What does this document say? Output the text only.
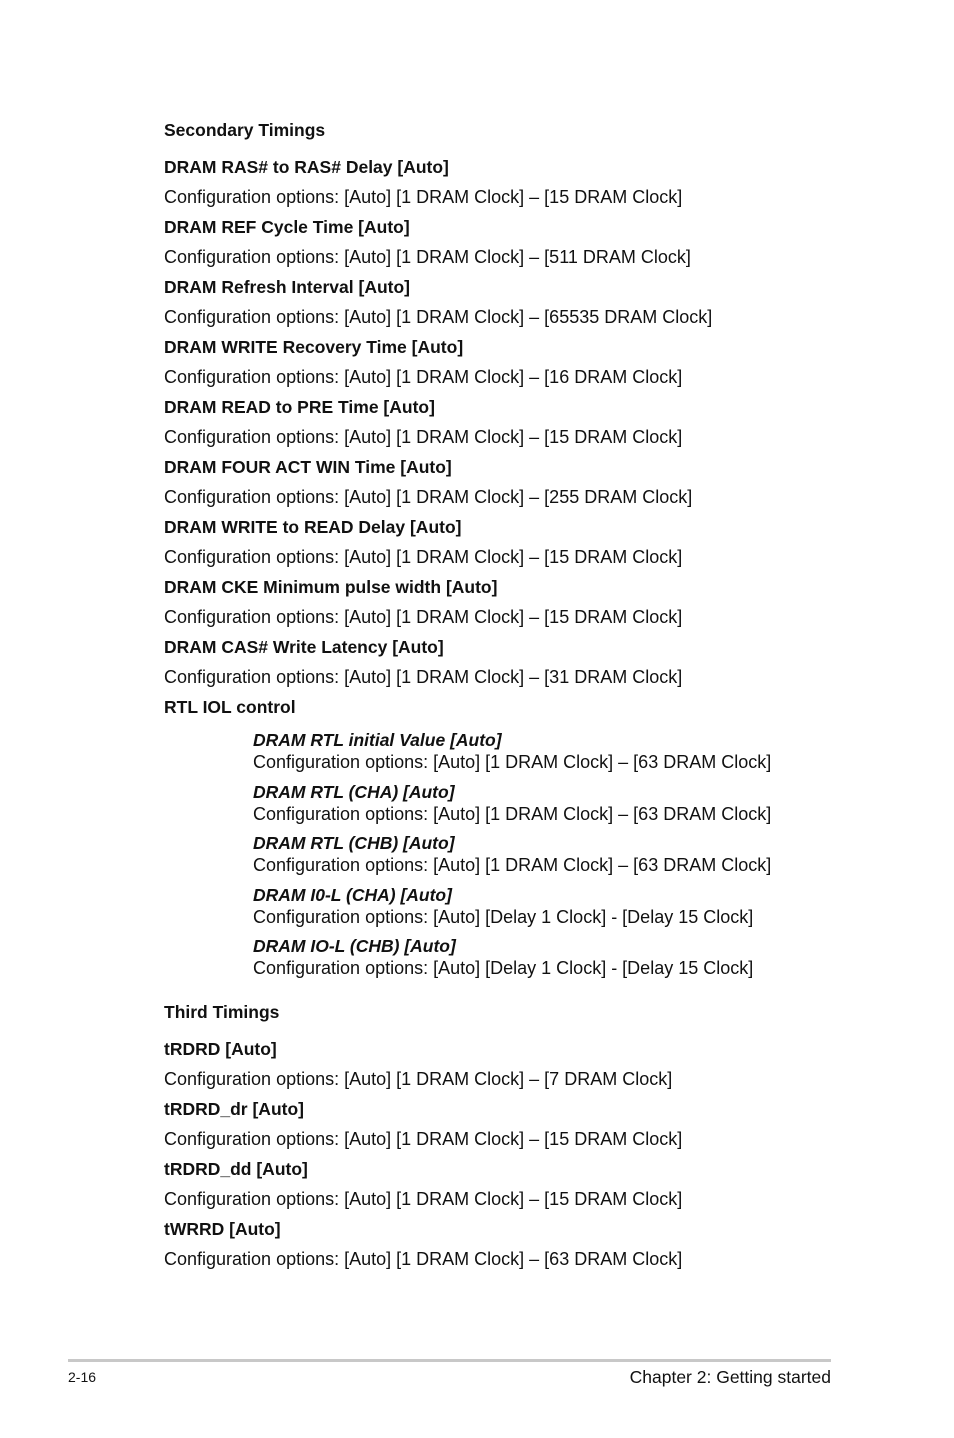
Secondary Timings
DRAM RAS# to RAS# Delay [Auto]
Configuration options: [Auto] [1 DRAM Clock] – [15 DRAM Clock]
DRAM REF Cycle Time [Auto]
Configuration options: [Auto] [1 DRAM Clock] – [511 DRAM Clock]
DRAM Refresh Interval [Auto]
Configuration options: [Auto] [1 DRAM Clock] – [65535 DRAM Clock]
DRAM WRITE Recovery Time [Auto]
Configuration options: [Auto] [1 DRAM Clock] – [16 DRAM Clock]
DRAM READ to PRE Time [Auto]
Configuration options: [Auto] [1 DRAM Clock] – [15 DRAM Clock]
DRAM FOUR ACT WIN Time [Auto]
Configuration options: [Auto] [1 DRAM Clock] – [255 DRAM Clock]
DRAM WRITE to READ Delay [Auto]
Configuration options: [Auto] [1 DRAM Clock] – [15 DRAM Clock]
DRAM CKE Minimum pulse width [Auto]
Configuration options: [Auto] [1 DRAM Clock] – [15 DRAM Clock]
DRAM CAS# Write Latency [Auto]
Configuration options: [Auto] [1 DRAM Clock] – [31 DRAM Clock]
RTL IOL control
DRAM RTL initial Value [Auto]
Configuration options: [Auto] [1 DRAM Clock] – [63 DRAM Clock]
DRAM RTL (CHA) [Auto]
Configuration options: [Auto] [1 DRAM Clock] – [63 DRAM Clock]
DRAM RTL (CHB) [Auto]
Configuration options: [Auto] [1 DRAM Clock] – [63 DRAM Clock]
DRAM I0-L (CHA) [Auto]
Configuration options: [Auto] [Delay 1 Clock] - [Delay 15 Clock]
DRAM IO-L (CHB) [Auto]
Configuration options: [Auto] [Delay 1 Clock] - [Delay 15 Clock]
Third Timings
tRDRD [Auto]
Configuration options: [Auto] [1 DRAM Clock] – [7 DRAM Clock]
tRDRD_dr [Auto]
Configuration options: [Auto] [1 DRAM Clock] – [15 DRAM Clock]
tRDRD_dd [Auto]
Configuration options: [Auto] [1 DRAM Clock] – [15 DRAM Clock]
tWRRD [Auto]
Configuration options: [Auto] [1 DRAM Clock] – [63 DRAM Clock]
2-16	Chapter 2: Getting started
